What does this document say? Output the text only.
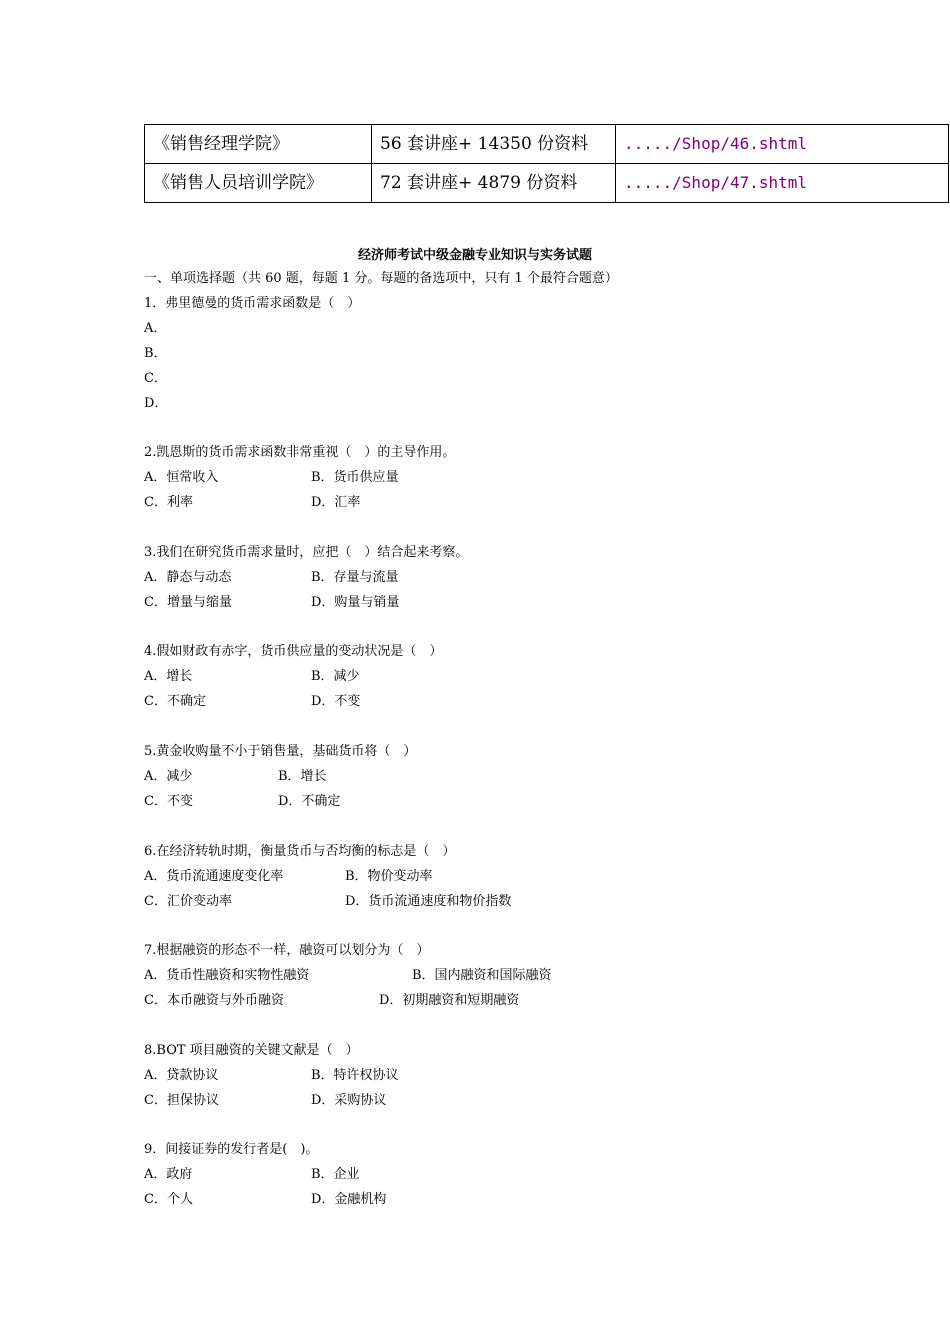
《销售经理学院》	56 套讲座+ 14350 份资料	...../Shop/46.shtml
《销售人员培训学院》	72 套讲座+ 4879 份资料	...../Shop/47.shtml
经济师考试中级金融专业知识与实务试题
一、单项选择题（共 60 题，每题 1 分。每题的备选项中，只有 1 个最符合题意）
1．弗里德曼的货币需求函数是（　）
A．
B．
C．
D．
2.凯恩斯的货币需求函数非常重视（　）的主导作用。
A．恒常收入	B．货币供应量
C．利率	D．汇率
3.我们在研究货币需求量时，应把（　）结合起来考察。
A．静态与动态	B．存量与流量
C．增量与缩量	D．购量与销量
4.假如财政有赤字，货币供应量的变动状况是（　）
A．增长	B．减少
C．不确定	D．不变
5.黄金收购量不小于销售量，基础货币将（　）
A．减少	B．增长
C．不变	D．不确定
6.在经济转轨时期，衡量货币与否均衡的标志是（　）
A．货币流通速度变化率	B．物价变动率
C．汇价变动率	D．货币流通速度和物价指数
7.根据融资的形态不一样，融资可以划分为（　）
A．货币性融资和实物性融资	B．国内融资和国际融资
C．本币融资与外币融资	D．初期融资和短期融资
8.BOT 项目融资的关键文献是（　）
A．贷款协议	B．特许权协议
C．担保协议	D．采购协议
9．间接证券的发行者是(　)。
A．政府	B．企业
C．个人	D．金融机构
